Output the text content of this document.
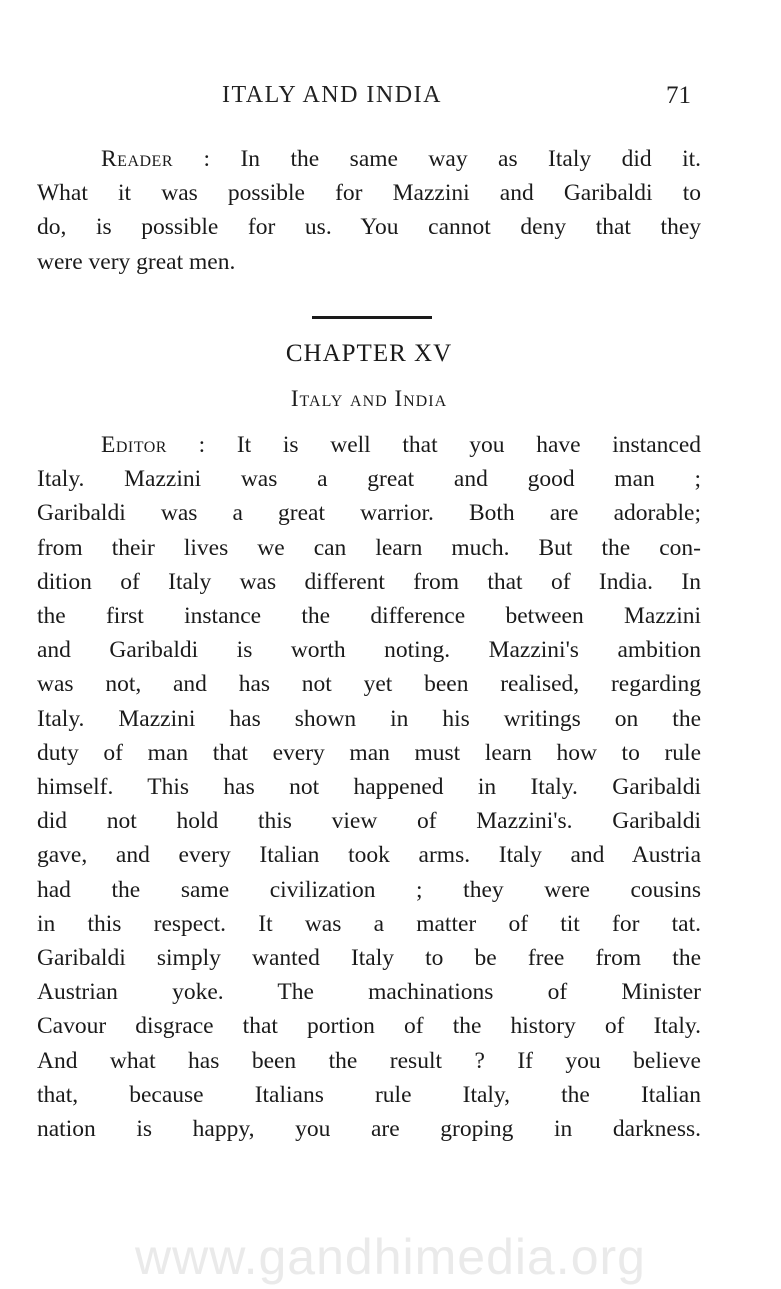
ITALY AND INDIA	71
Reader : In the same way as Italy did it.
What it was possible for Mazzini and Garibaldi to
do, is possible for us. You cannot deny that they
were very great men.
CHAPTER XV
Italy and India
Editor : It is well that you have instanced
Italy. Mazzini was a great and good man ;
Garibaldi was a great warrior. Both are adorable;
from their lives we can learn much. But the con-
dition of Italy was different from that of India. In
the first instance the difference between Mazzini
and Garibaldi is worth noting. Mazzini's ambition
was not, and has not yet been realised, regarding
Italy. Mazzini has shown in his writings on the
duty of man that every man must learn how to rule
himself. This has not happened in Italy. Garibaldi
did not hold this view of Mazzini's. Garibaldi
gave, and every Italian took arms. Italy and Austria
had the same civilization ; they were cousins
in this respect. It was a matter of tit for tat.
Garibaldi simply wanted Italy to be free from the
Austrian yoke. The machinations of Minister
Cavour disgrace that portion of the history of Italy.
And what has been the result ? If you believe
that, because Italians rule Italy, the Italian
nation is happy, you are groping in darkness.
www.gandhimedia.org
